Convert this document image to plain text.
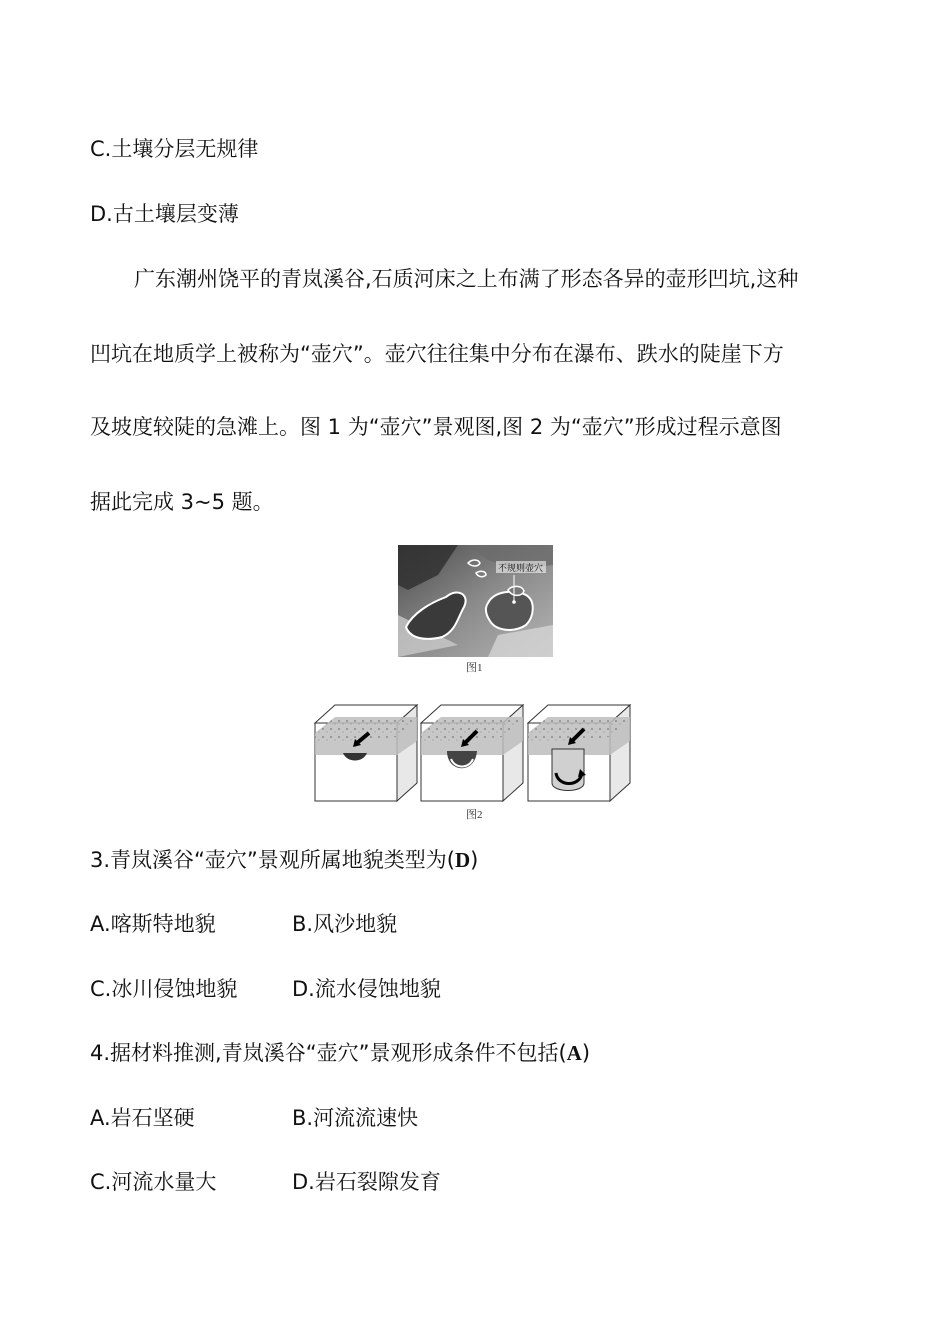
C.土壤分层无规律
D.古土壤层变薄
广东潮州饶平的青岚溪谷,石质河床之上布满了形态各异的壶形凹坑,这种
凹坑在地质学上被称为“壶穴”。壶穴往往集中分布在瀑布、跌水的陡崖下方
及坡度较陡的急滩上。图 1 为“壶穴”景观图,图 2 为“壶穴”形成过程示意图
据此完成 3~5 题。
不规则壶穴
图1
图2
3.青岚溪谷“壶穴”景观所属地貌类型为(D)
A.喀斯特地貌	B.风沙地貌
C.冰川侵蚀地貌	D.流水侵蚀地貌
4.据材料推测,青岚溪谷“壶穴”景观形成条件不包括(A)
A.岩石坚硬	B.河流流速快
C.河流水量大	D.岩石裂隙发育
